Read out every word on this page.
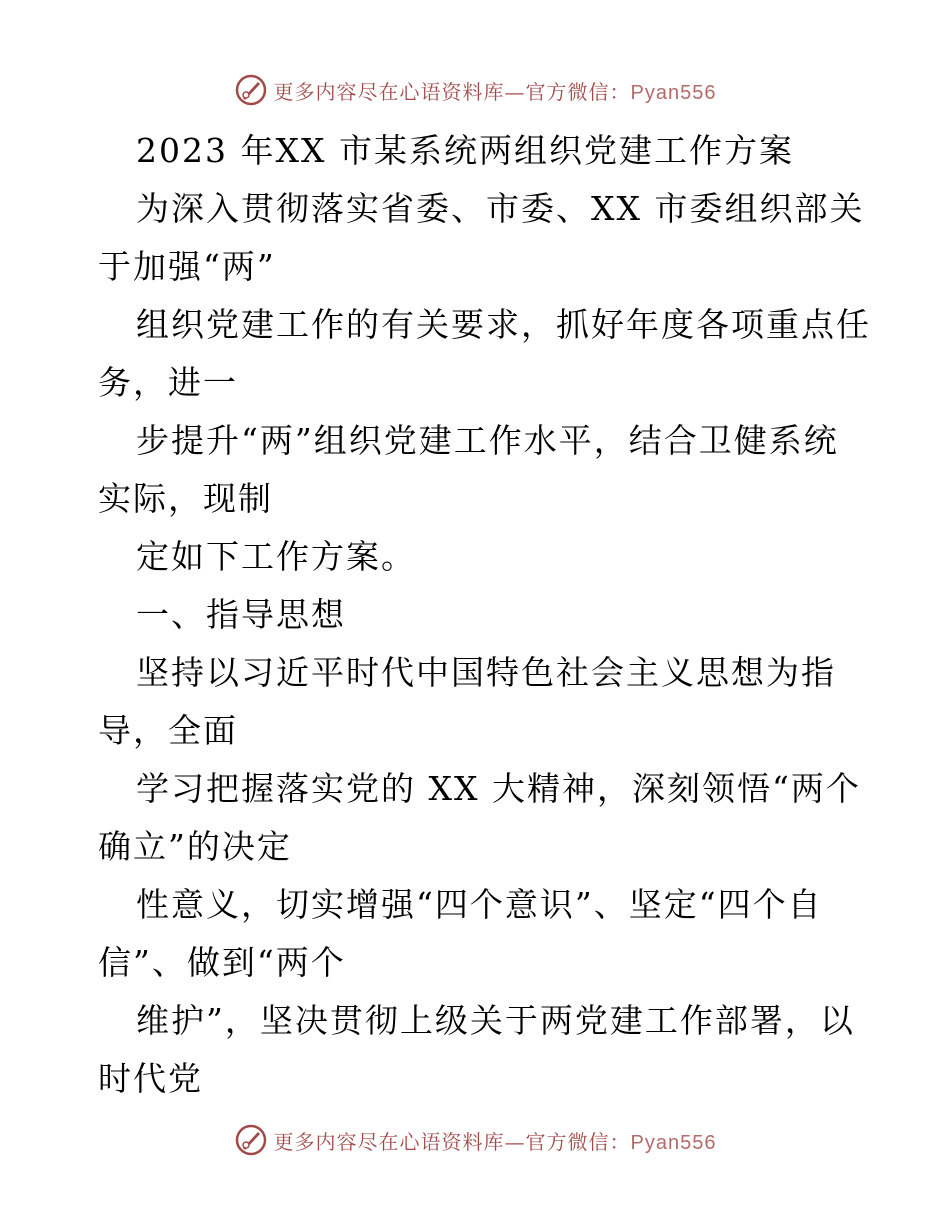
更多内容尽在心语资料库—官方微信：Pyan556
2023 年XX 市某系统两组织党建工作方案
为深入贯彻落实省委、市委、XX 市委组织部关
于加强“两”
组织党建工作的有关要求，抓好年度各项重点任
务，进一
步提升“两”组织党建工作水平，结合卫健系统
实际，现制
定如下工作方案。
一、指导思想
坚持以习近平时代中国特色社会主义思想为指
导，全面
学习把握落实党的 XX 大精神，深刻领悟“两个
确立”的决定
性意义，切实增强“四个意识”、坚定“四个自
信”、做到“两个
维护”，坚决贯彻上级关于两党建工作部署，以
时代党
更多内容尽在心语资料库—官方微信：Pyan556
